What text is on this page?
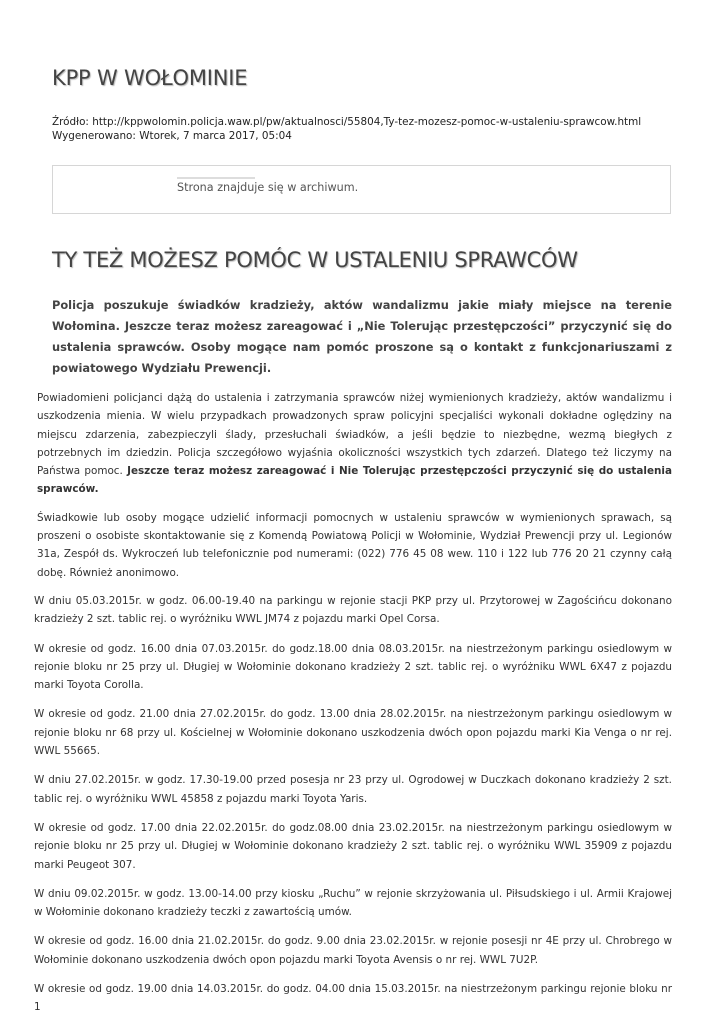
KPP W WOŁOMINIE
Źródło: http://kppwolomin.policja.waw.pl/pw/aktualnosci/55804,Ty-tez-mozesz-pomoc-w-ustaleniu-sprawcow.html
Wygenerowano: Wtorek, 7 marca 2017, 05:04
Strona znajduje się w archiwum.
TY TEŻ MOŻESZ POMÓC W USTALENIU SPRAWCÓW

Policja poszukuje świadków kradzieży, aktów wandalizmu jakie miały miejsce na terenie Wołomina. Jeszcze teraz możesz zareagować i „Nie Tolerując przestępczości” przyczynić się do ustalenia sprawców. Osoby mogące nam pomóc proszone są o kontakt z funkcjonariuszami z powiatowego Wydziału Prewencji.

Powiadomieni policjanci dążą do ustalenia i zatrzymania sprawców niżej wymienionych kradzieży, aktów wandalizmu i uszkodzenia mienia. W wielu przypadkach prowadzonych spraw policyjni specjaliści wykonali dokładne oględziny na miejscu zdarzenia, zabezpieczyli ślady, przesłuchali świadków, a jeśli będzie to niezbędne, wezmą biegłych z potrzebnych im dziedzin. Policja szczegółowo wyjaśnia okoliczności wszystkich tych zdarzeń. Dlatego też liczymy na Państwa pomoc. Jeszcze teraz możesz zareagować i Nie Tolerując przestępczości przyczynić się do ustalenia sprawców.

Świadkowie lub osoby mogące udzielić informacji pomocnych w ustaleniu sprawców w wymienionych sprawach, są proszeni o osobiste skontaktowanie się z Komendą Powiatową Policji w Wołominie, Wydział Prewencji przy ul. Legionów 31a, Zespół ds. Wykroczeń lub telefonicznie pod numerami: (022) 776 45 08 wew. 110 i 122 lub 776 20 21 czynny całą dobę. Również anonimowo.

W dniu 05.03.2015r. w godz. 06.00-19.40 na parkingu w rejonie stacji PKP przy ul. Przytorowej w Zagościńcu dokonano kradzieży 2 szt. tablic rej. o wyróżniku WWL JM74 z pojazdu marki Opel Corsa.

W okresie od godz. 16.00 dnia 07.03.2015r. do godz.18.00 dnia 08.03.2015r. na niestrzeżonym parkingu osiedlowym w rejonie bloku nr 25 przy ul. Długiej w Wołominie dokonano kradzieży 2 szt. tablic rej. o wyróżniku WWL 6X47 z pojazdu marki Toyota Corolla.

W okresie od godz. 21.00 dnia 27.02.2015r. do godz. 13.00 dnia 28.02.2015r. na niestrzeżonym parkingu osiedlowym w rejonie bloku nr 68 przy ul. Kościelnej w Wołominie dokonano uszkodzenia dwóch opon pojazdu marki Kia Venga o nr rej. WWL 55665.

W dniu 27.02.2015r. w godz. 17.30-19.00 przed posesja nr 23 przy ul. Ogrodowej w Duczkach dokonano kradzieży 2 szt. tablic rej. o wyróżniku WWL 45858 z pojazdu marki Toyota Yaris.

W okresie od godz. 17.00 dnia 22.02.2015r. do godz.08.00 dnia 23.02.2015r. na niestrzeżonym parkingu osiedlowym w rejonie bloku nr 25 przy ul. Długiej w Wołominie dokonano kradzieży 2 szt. tablic rej. o wyróżniku WWL 35909 z pojazdu marki Peugeot 307.

W dniu 09.02.2015r. w godz. 13.00-14.00 przy kiosku „Ruchu” w rejonie skrzyżowania ul. Piłsudskiego i ul. Armii Krajowej w Wołominie dokonano kradzieży teczki z zawartością umów.

W okresie od godz. 16.00 dnia 21.02.2015r. do godz. 9.00 dnia 23.02.2015r. w rejonie posesji nr 4E przy ul. Chrobrego w Wołominie dokonano uszkodzenia dwóch opon pojazdu marki Toyota Avensis o nr rej. WWL 7U2P.

W okresie od godz. 19.00 dnia 14.03.2015r. do godz. 04.00 dnia 15.03.2015r. na niestrzeżonym parkingu rejonie bloku nr 1
